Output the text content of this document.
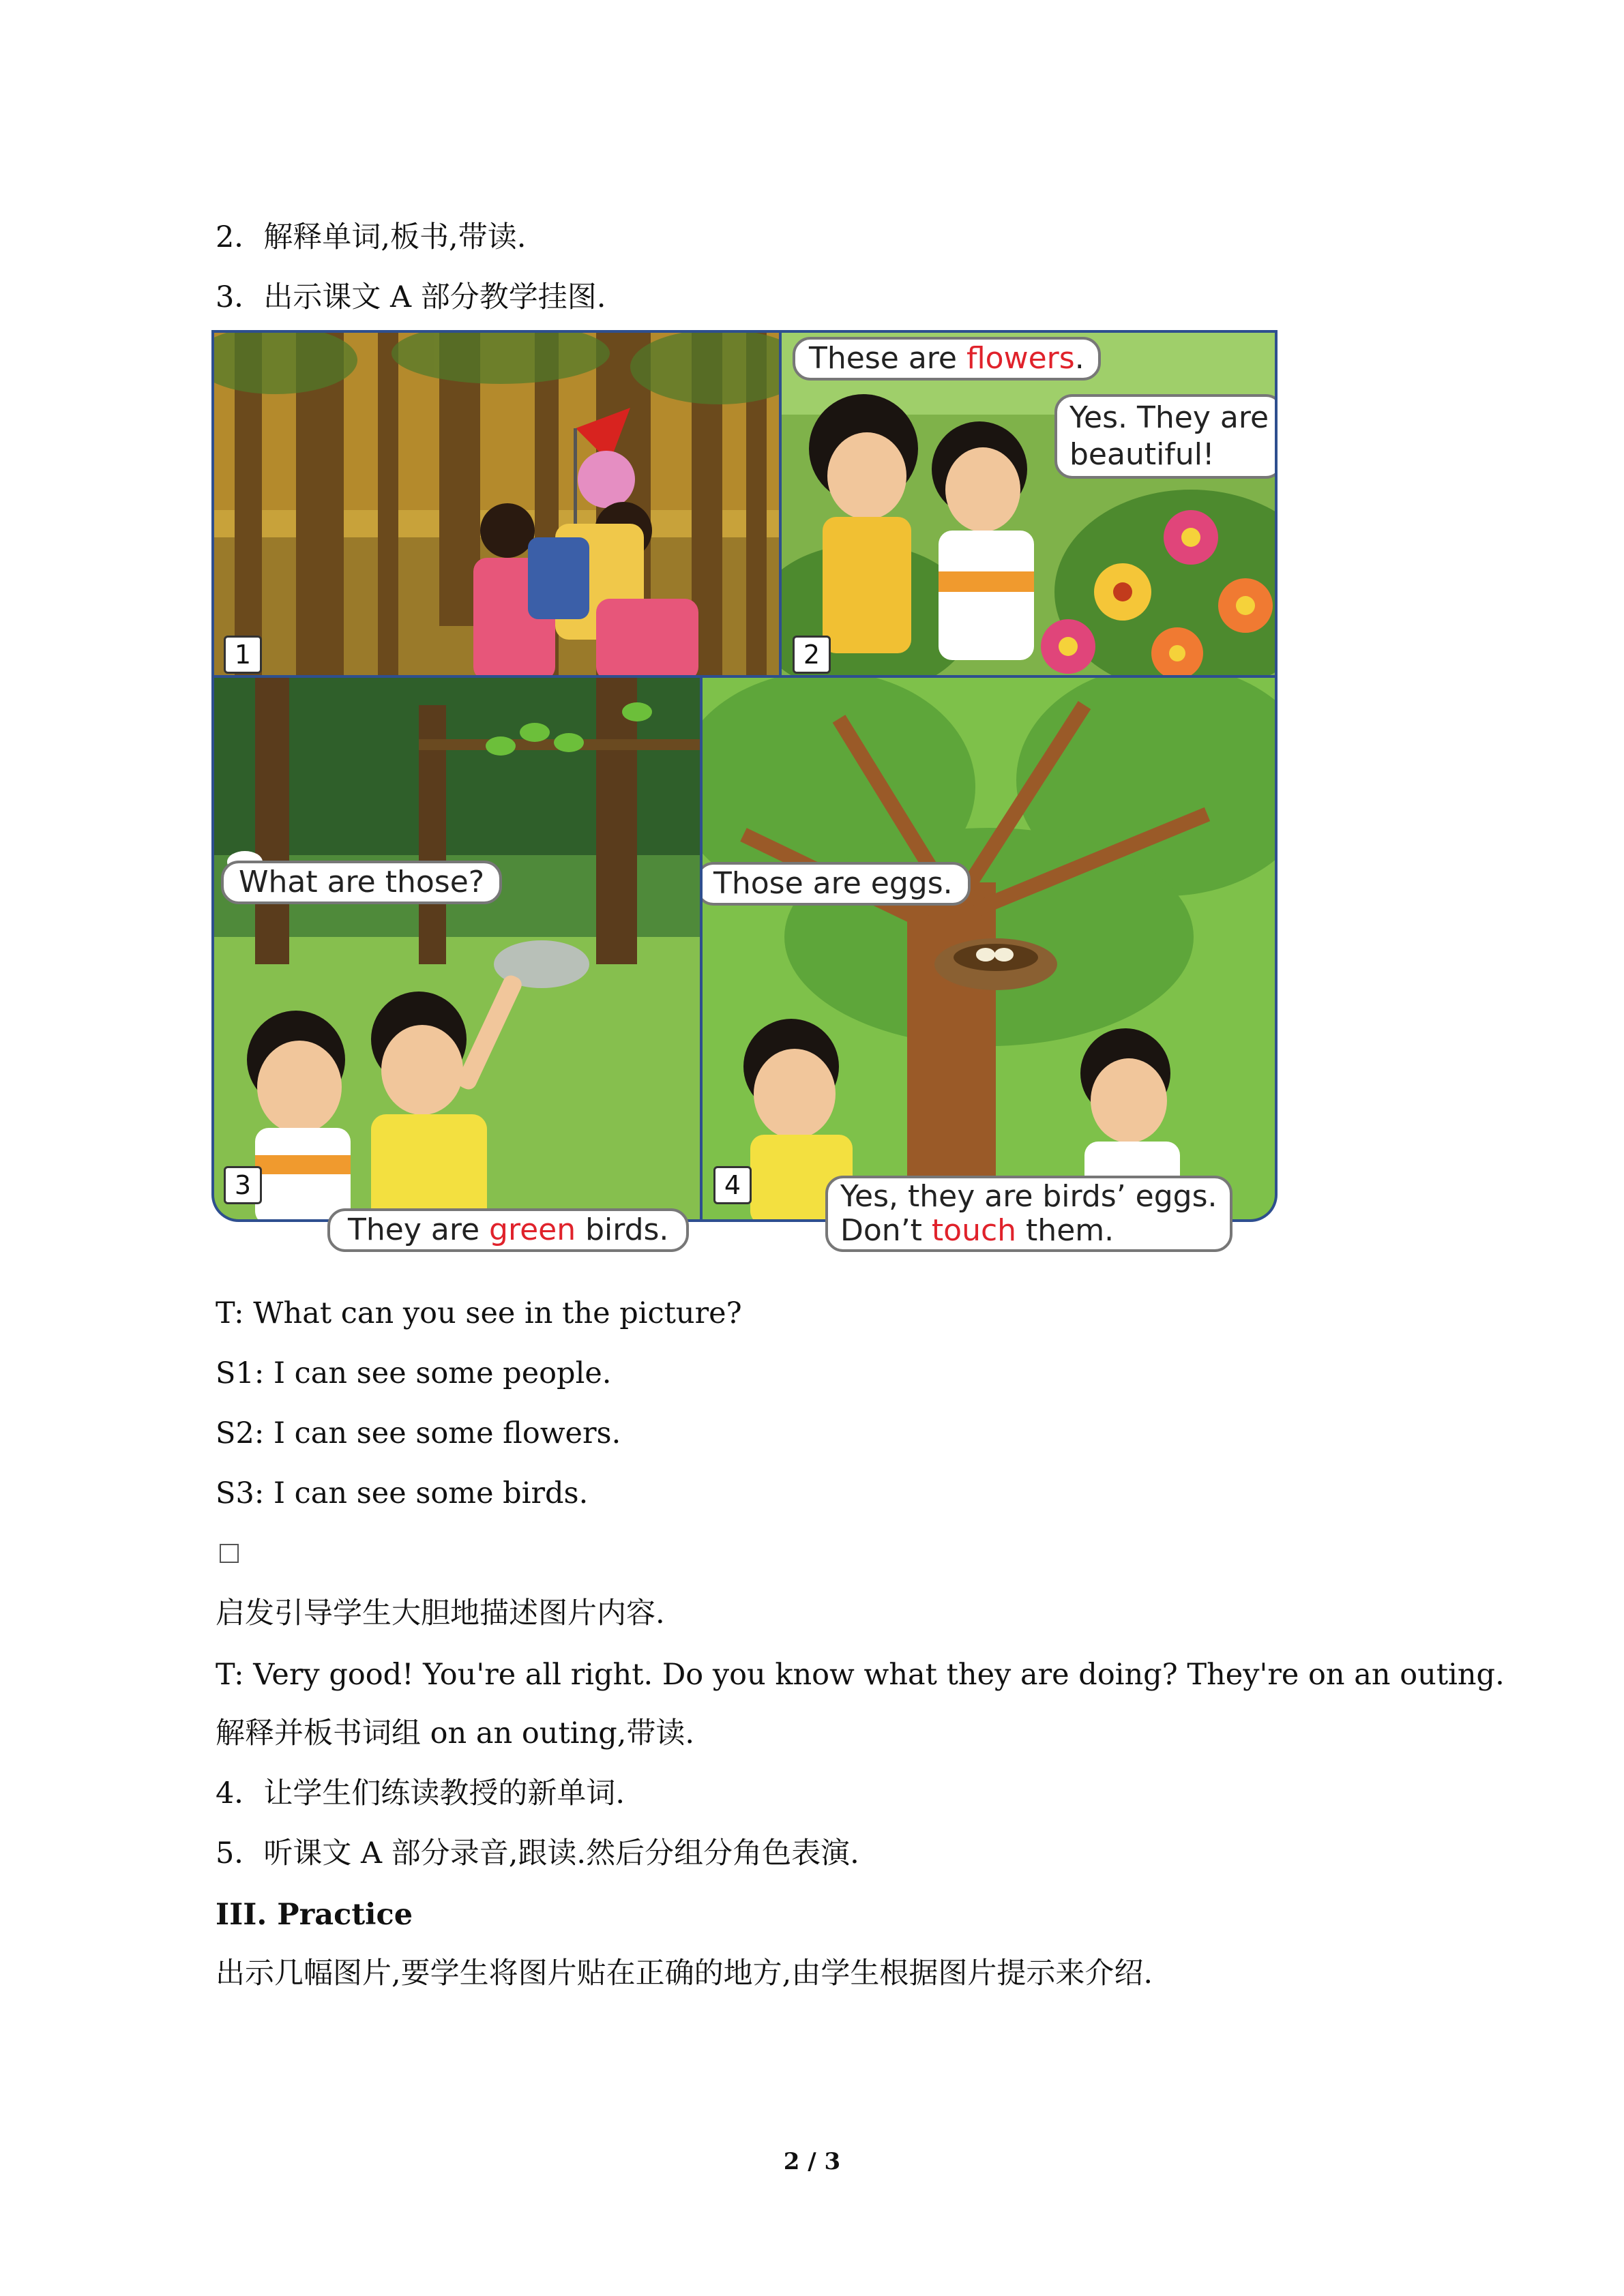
2．解释单词,板书,带读.
3．出示课文 A 部分教学挂图.
1
These are flowers.
Yes. They are
beautiful!
2
What are those?
3
Those are eggs.
4
They are green birds.
Yes, they are birds’ eggs.
Don’t touch them.
T: What can you see in the picture?
S1: I can see some people.
S2: I can see some flowers.
S3: I can see some birds.
启发引导学生大胆地描述图片内容.
T: Very good! You're all right. Do you know what they are doing? They're on an outing.
解释并板书词组 on an outing,带读.
4．让学生们练读教授的新单词.
5．听课文 A 部分录音,跟读.然后分组分角色表演.
III. Practice
出示几幅图片,要学生将图片贴在正确的地方,由学生根据图片提示来介绍.
2 / 3
